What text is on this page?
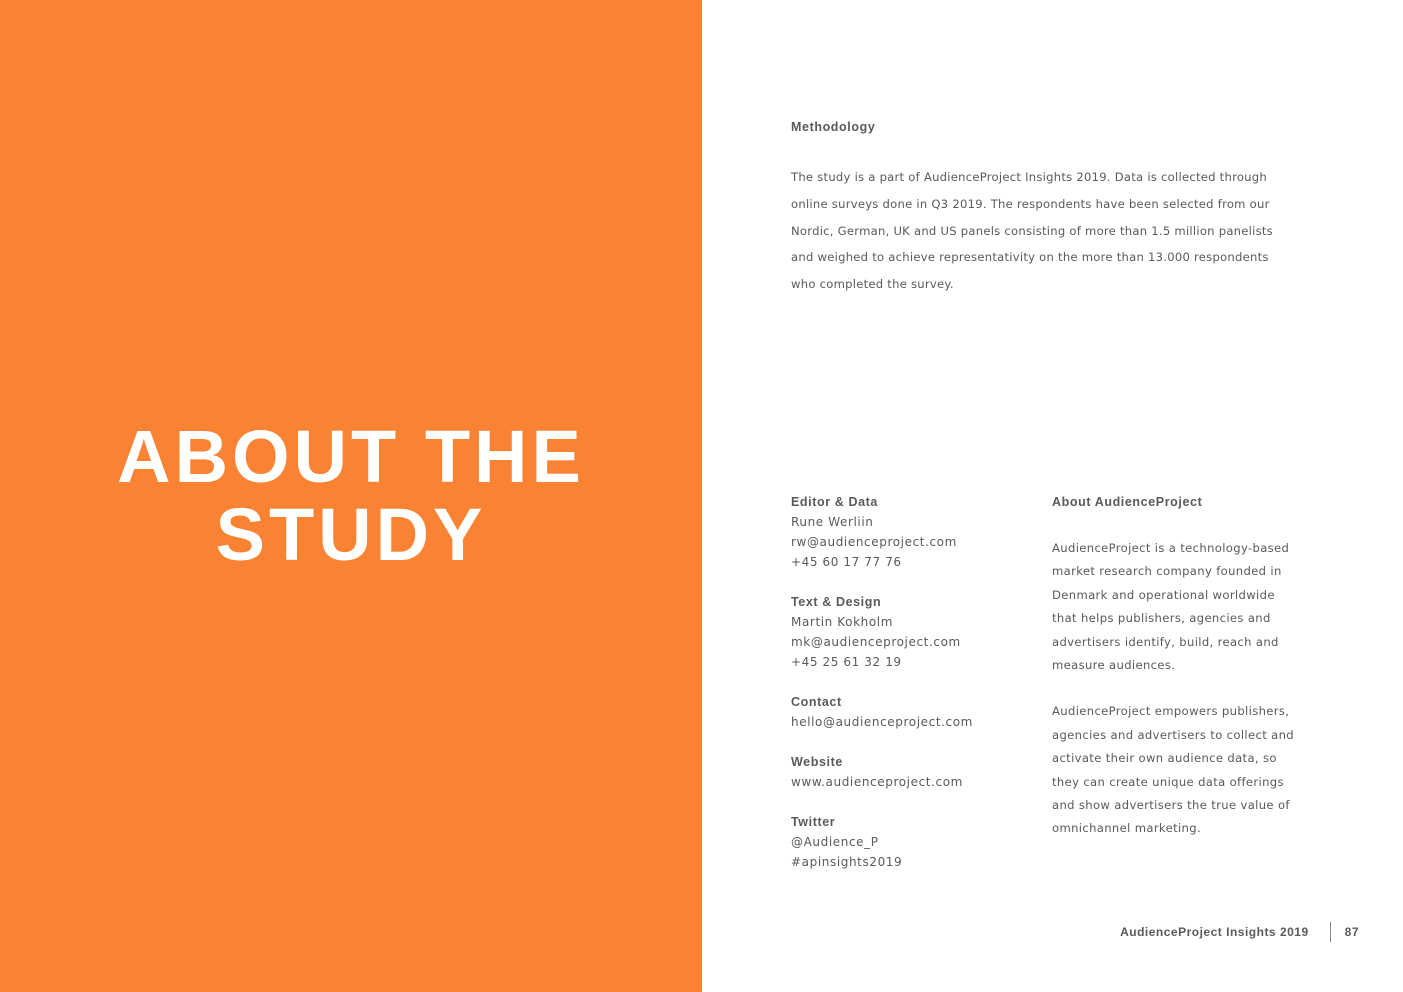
ABOUT THE
STUDY
Methodology
The study is a part of AudienceProject Insights 2019. Data is collected through
online surveys done in Q3 2019. The respondents have been selected from our
Nordic, German, UK and US panels consisting of more than 1.5 million panelists
and weighed to achieve representativity on the more than 13.000 respondents
who completed the survey.
Editor & Data
Rune Werliin
rw@audienceproject.com
+45 60 17 77 76
Text & Design
Martin Kokholm
mk@audienceproject.com
+45 25 61 32 19
Contact
hello@audienceproject.com
Website
www.audienceproject.com
Twitter
@Audience_P
#apinsights2019
About AudienceProject
AudienceProject is a technology-based
market research company founded in
Denmark and operational worldwide
that helps publishers, agencies and
advertisers identify, build, reach and
measure audiences.
AudienceProject empowers publishers,
agencies and advertisers to collect and
activate their own audience data, so
they can create unique data offerings
and show advertisers the true value of
omnichannel marketing.
AudienceProject Insights 2019	87
